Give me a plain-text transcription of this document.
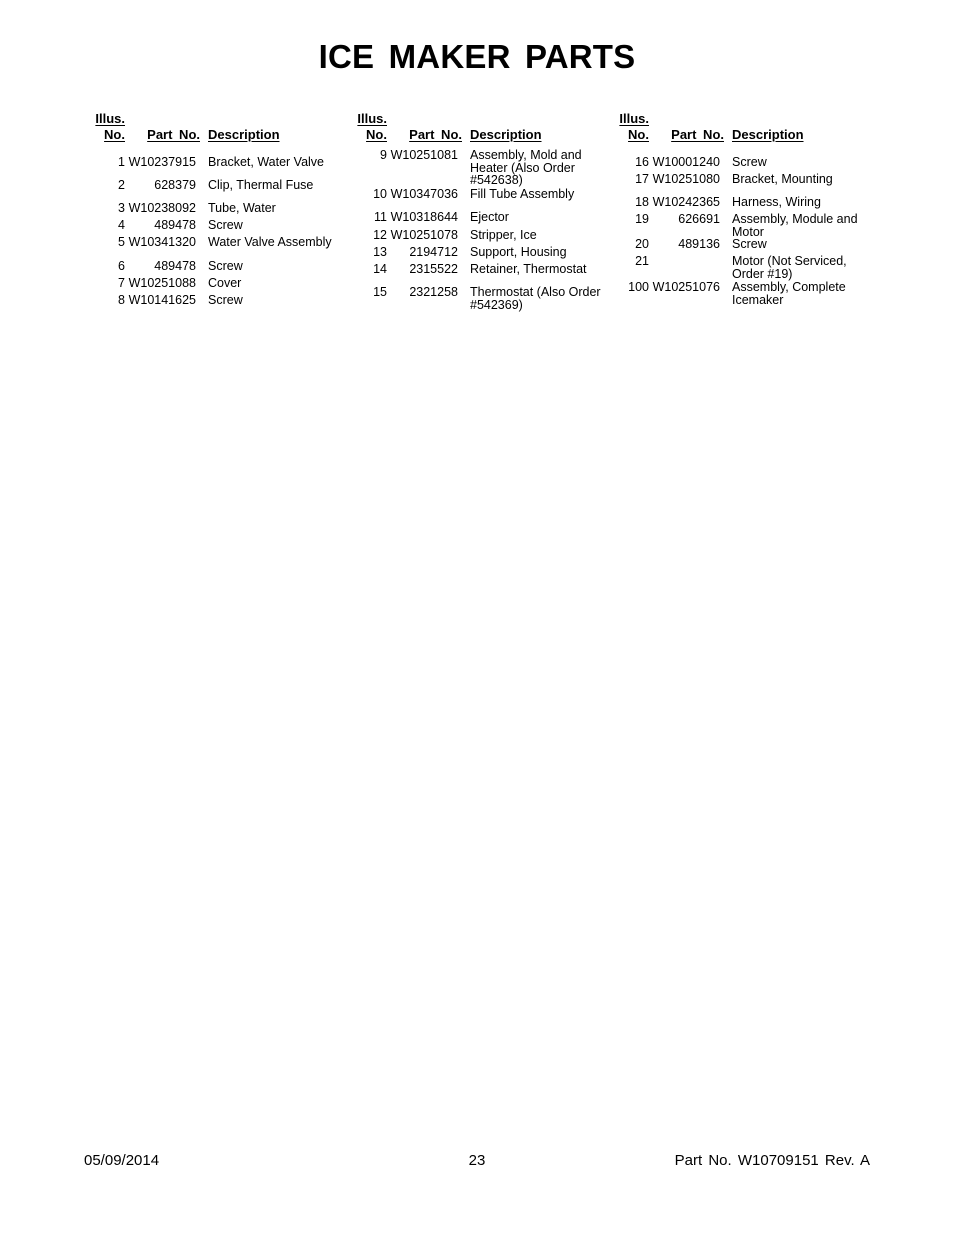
ICE MAKER PARTS
Illus.
No. Part No. Description
1 W10237915 Bracket, Water Valve
2 628379 Clip, Thermal Fuse
3 W10238092 Tube, Water
4 489478 Screw
5 W10341320 Water Valve Assembly
6 489478 Screw
7 W10251088 Cover
8 W10141625 Screw
Illus.
No. Part No. Description
9 W10251081 Assembly, Mold and Heater (Also Order #542638)
10 W10347036 Fill Tube Assembly
11 W10318644 Ejector
12 W10251078 Stripper, Ice
13 2194712 Support, Housing
14 2315522 Retainer, Thermostat
15 2321258 Thermostat (Also Order #542369)
Illus.
No. Part No. Description
16 W10001240 Screw
17 W10251080 Bracket, Mounting
18 W10242365 Harness, Wiring
19 626691 Assembly, Module and Motor
20 489136 Screw
21	Motor (Not Serviced, Order #19)
100 W10251076 Assembly, Complete Icemaker
05/09/2014	23	Part No. W10709151 Rev. A
